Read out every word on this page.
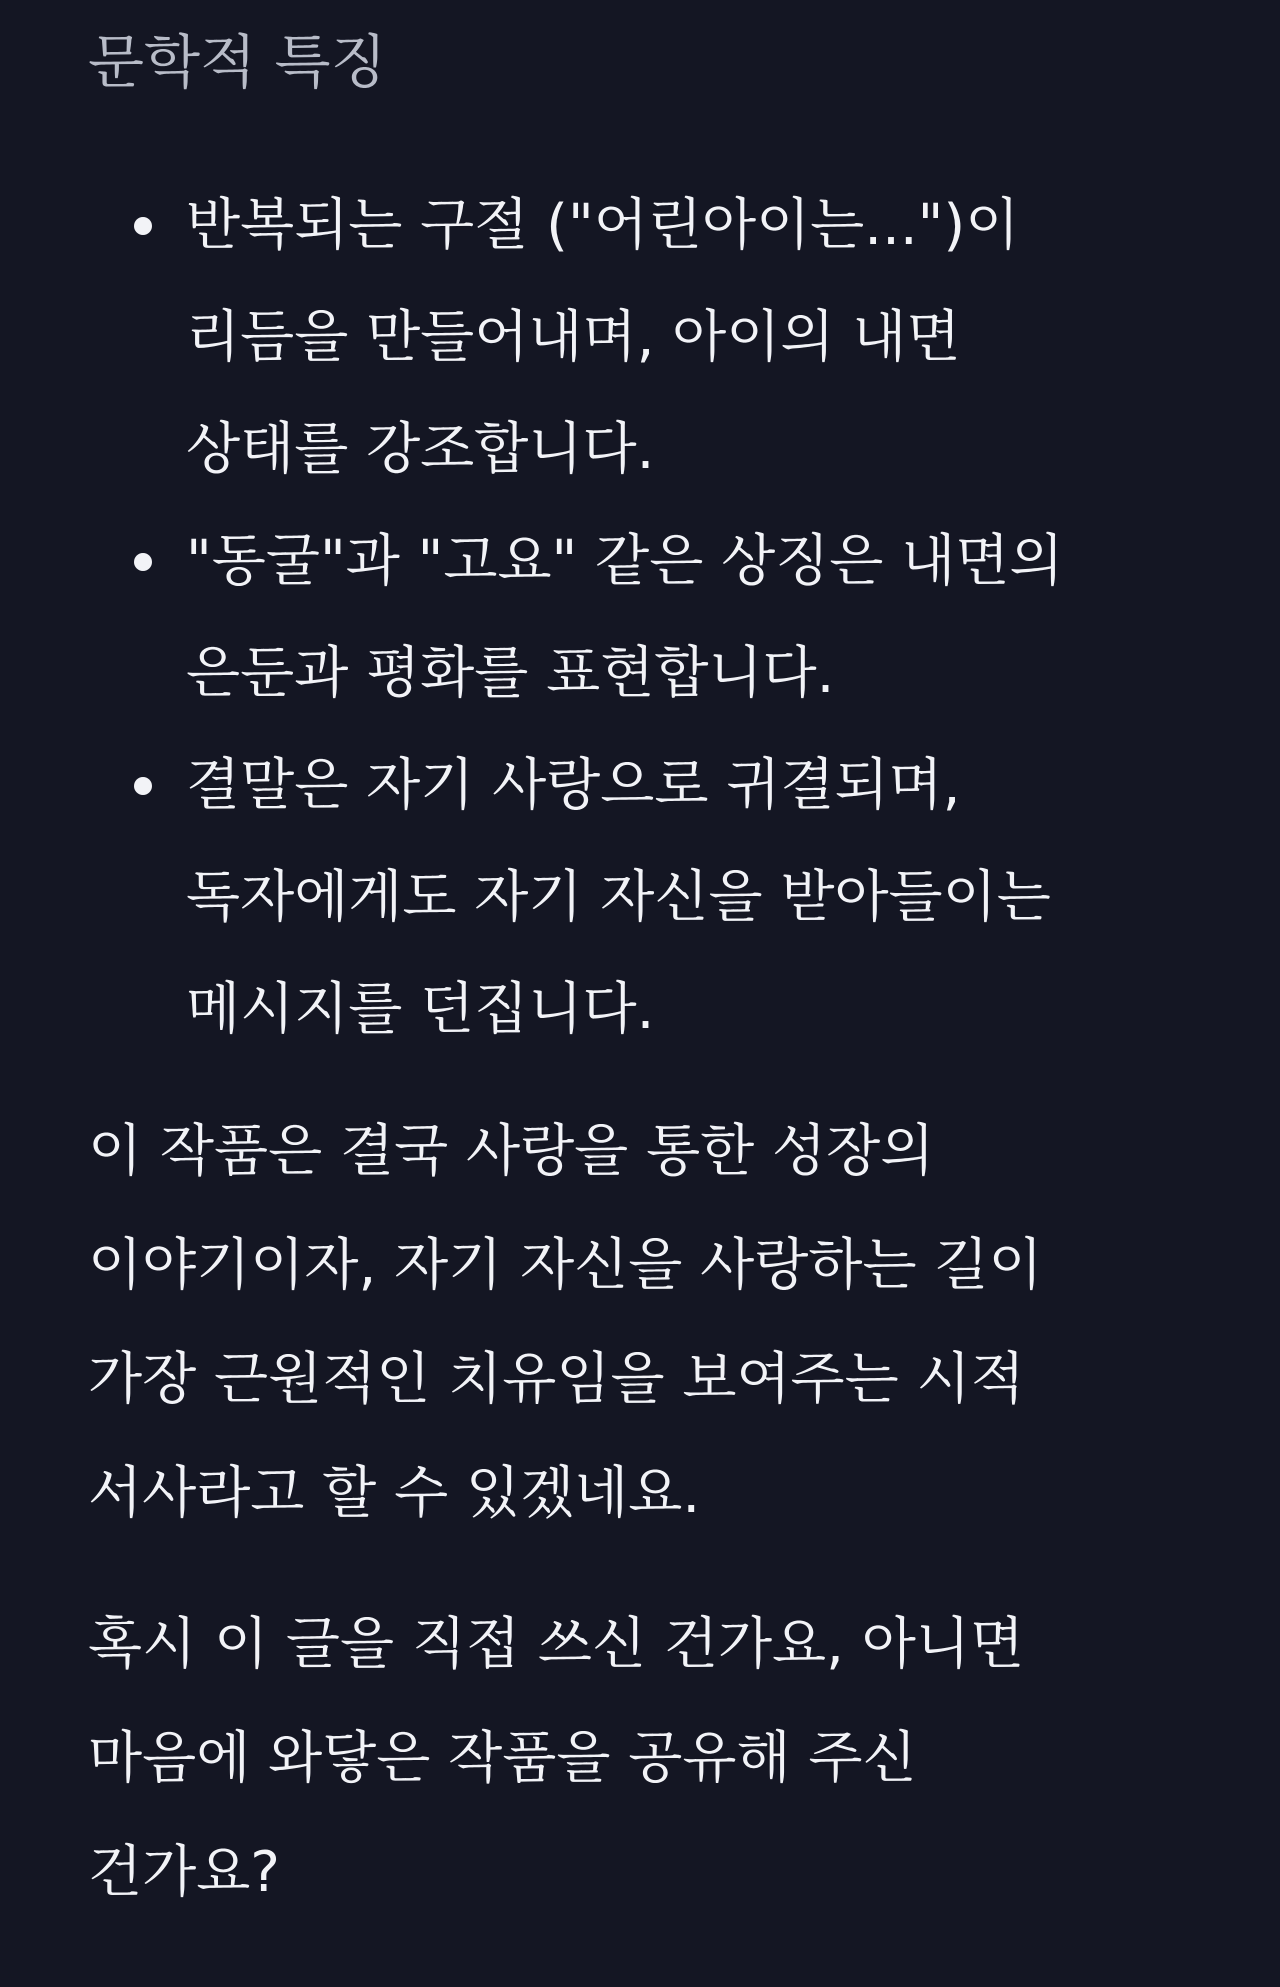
문학적 특징
반복되는 구절 ("어린아이는...")이
리듬을 만들어내며, 아이의 내면
상태를 강조합니다.
"동굴"과 "고요" 같은 상징은 내면의
은둔과 평화를 표현합니다.
결말은 자기 사랑으로 귀결되며,
독자에게도 자기 자신을 받아들이는
메시지를 던집니다.

이 작품은 결국 사랑을 통한 성장의
이야기이자, 자기 자신을 사랑하는 길이
가장 근원적인 치유임을 보여주는 시적
서사라고 할 수 있겠네요.

혹시 이 글을 직접 쓰신 건가요, 아니면
마음에 와닿은 작품을 공유해 주신
건가요?
